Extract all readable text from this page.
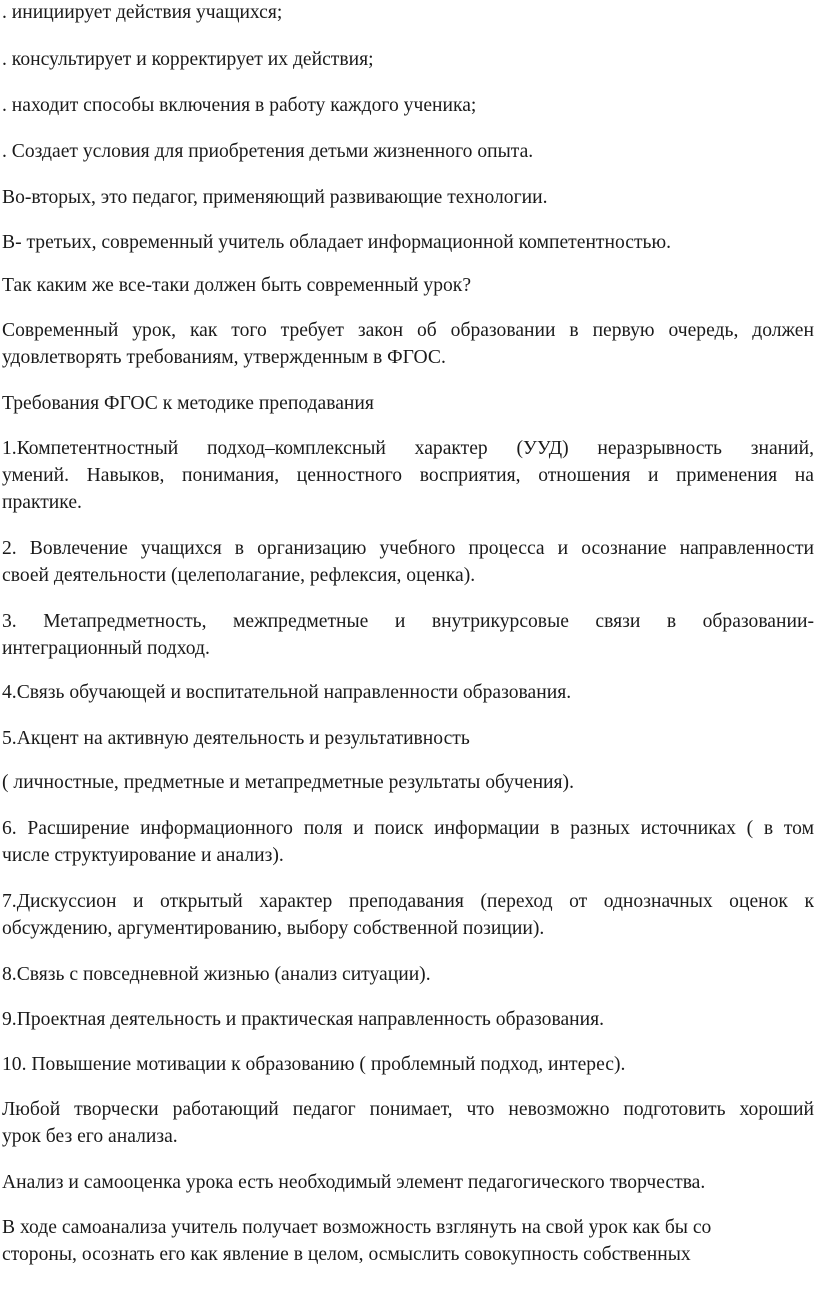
. инициирует действия учащихся;

. консультирует и корректирует их действия;

. находит способы включения в работу каждого ученика;

. Создает условия для приобретения детьми жизненного опыта.

Во-вторых, это педагог, применяющий развивающие технологии.

В- третьих, современный учитель обладает информационной компетентностью.

Так каким же все-таки должен быть современный урок?

Современный урок, как того требует закон об образовании в первую очередь, должен

удовлетворять требованиям, утвержденным в ФГОС.

Требования ФГОС к методике преподавания

1.Компетентностный подход–комплексный характер (УУД) неразрывность знаний,

умений. Навыков, понимания, ценностного восприятия, отношения и применения на

практике.

2. Вовлечение учащихся в организацию учебного процесса и осознание направленности

своей деятельности (целеполагание, рефлексия, оценка).

3. Метапредметность, межпредметные и внутрикурсовые связи в образовании-

интеграционный подход.

4.Связь обучающей и воспитательной направленности образования.

5.Акцент на активную деятельность и результативность

( личностные, предметные и метапредметные результаты обучения).

6. Расширение информационного поля и поиск информации в разных источниках ( в том

числе структуирование и анализ).

7.Дискуссион и открытый характер преподавания (переход от однозначных оценок к

обсуждению, аргументированию, выбору собственной позиции).

8.Связь с повседневной жизнью (анализ ситуации).

9.Проектная деятельность и практическая направленность образования.

10. Повышение мотивации к образованию ( проблемный подход, интерес).

Любой творчески работающий педагог понимает, что невозможно подготовить хороший

урок без его анализа.

Анализ и самооценка урока есть необходимый элемент педагогического творчества.

В ходе самоанализа учитель получает возможность взглянуть на свой урок как бы со

стороны, осознать его как явление в целом, осмыслить совокупность собственных
